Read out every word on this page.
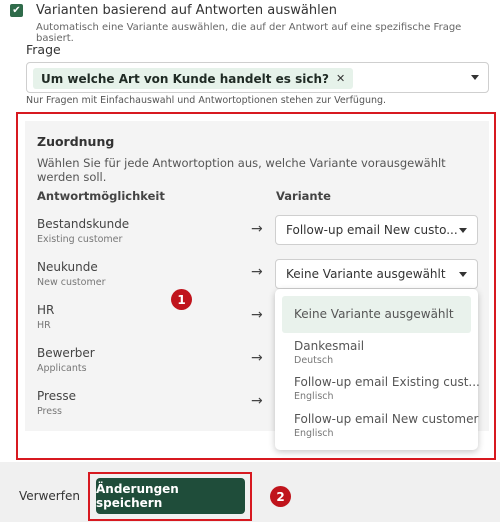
✔ Varianten basierend auf Antworten auswählen
Automatisch eine Variante auswählen, die auf der Antwort auf eine spezifische Frage basiert.
Frage
Um welche Art von Kunde handelt es sich? ✕
Nur Fragen mit Einfachauswahl und Antwortoptionen stehen zur Verfügung.
Zuordnung
Wählen Sie für jede Antwortoption aus, welche Variante vorausgewählt werden soll.
Antwortmöglichkeit	Variante
Bestandskunde
Existing customer
→
Neukunde
New customer
→
HR
HR
→
Bewerber
Applicants
→
Presse
Press
→
Follow-up email New custo...
Keine Variante ausgewählt
Keine Variante ausgewählt
Dankesmail
Deutsch
Follow-up email Existing cust...
Englisch
Follow-up email New customer
Englisch
1
Verwerfen Änderungen speichern	2
